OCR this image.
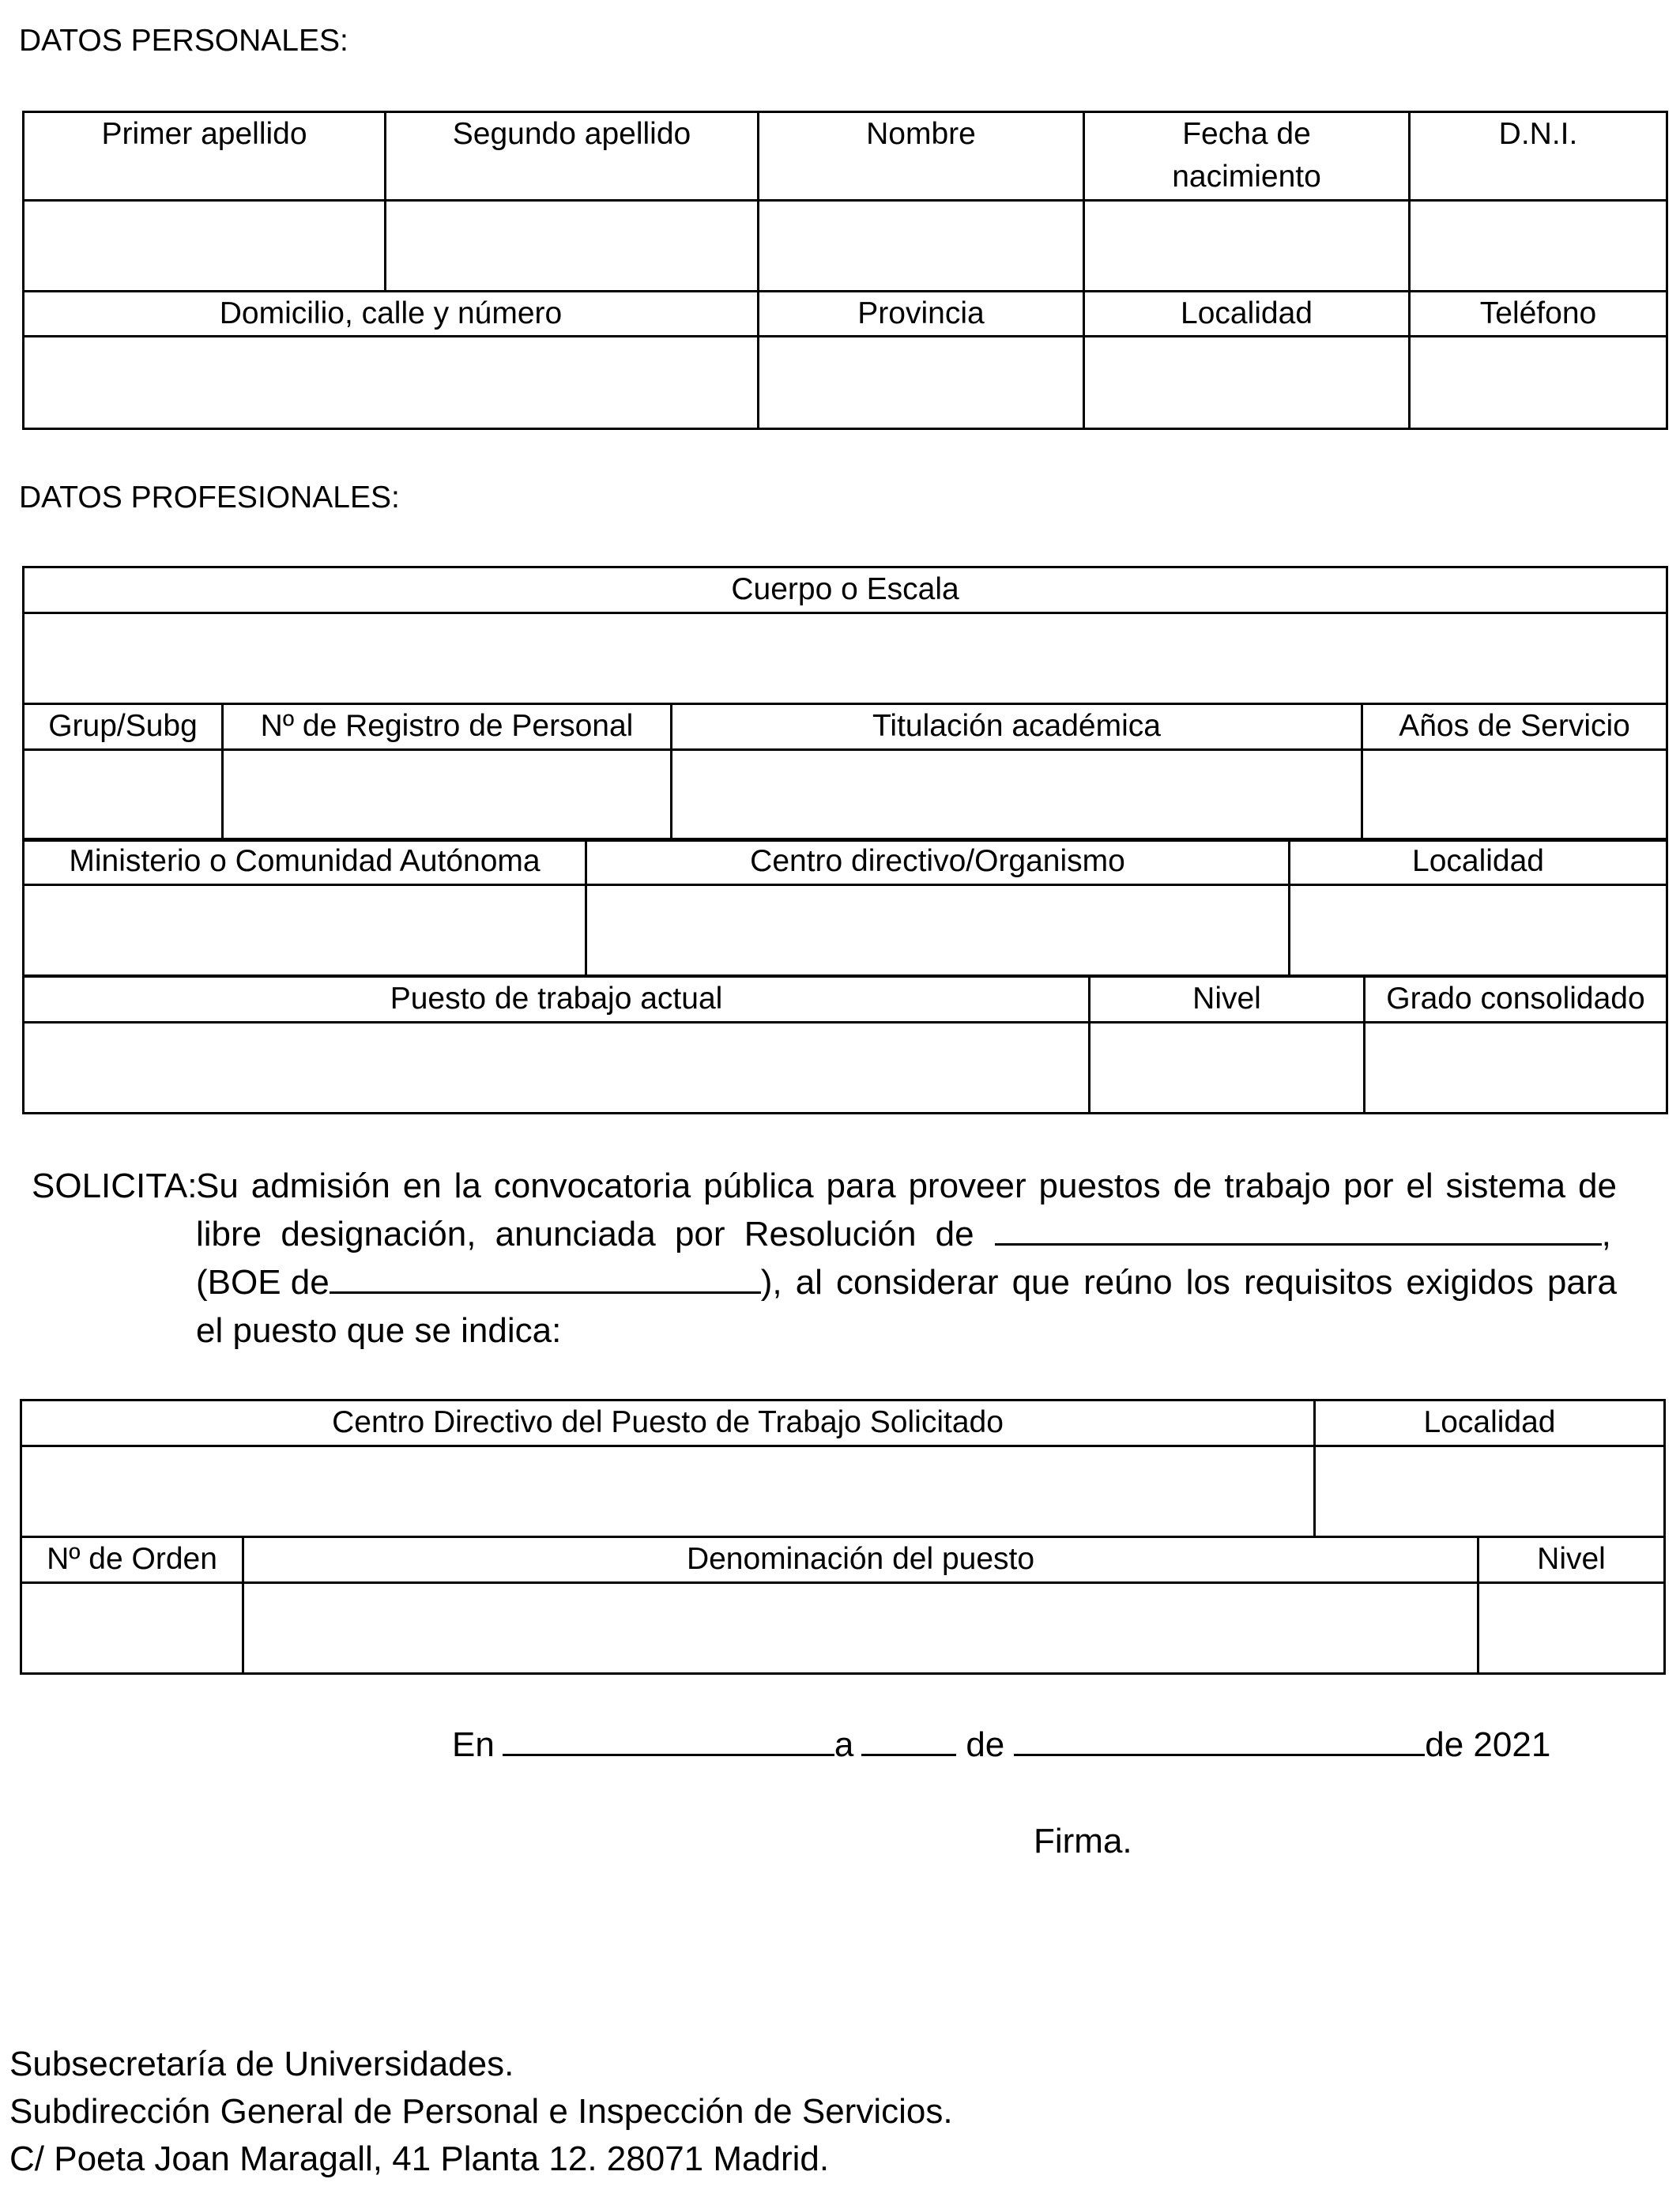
DATOS PERSONALES:
Primer apellido	Segundo apellido	Nombre	Fecha de nacimiento	D.N.I.

Domicilio, calle y número		Provincia	Localidad	Teléfono

DATOS PROFESIONALES:
Cuerpo o Escala			

Grup/Subg	Nº de Registro de Personal	Titulación académica	Años de Servicio

Ministerio o Comunidad Autónoma	Centro directivo/Organismo	Localidad

Puesto de trabajo actual	Nivel	Grado consolidado

SOLICITA:
Su admisión en la convocatoria pública para proveer puestos de trabajo por el sistema de
libre designación, anunciada por Resolución de	,
(BOE de	), al considerar que reúno los requisitos exigidos para
el puesto que se indica:
Centro Directivo del Puesto de Trabajo Solicitado	Localidad

Nº de Orden	Denominación del puesto	Nivel

En	a	de	de 2021
Firma.
Subsecretaría de Universidades.
Subdirección General de Personal e Inspección de Servicios.
C/ Poeta Joan Maragall, 41 Planta 12. 28071 Madrid.
